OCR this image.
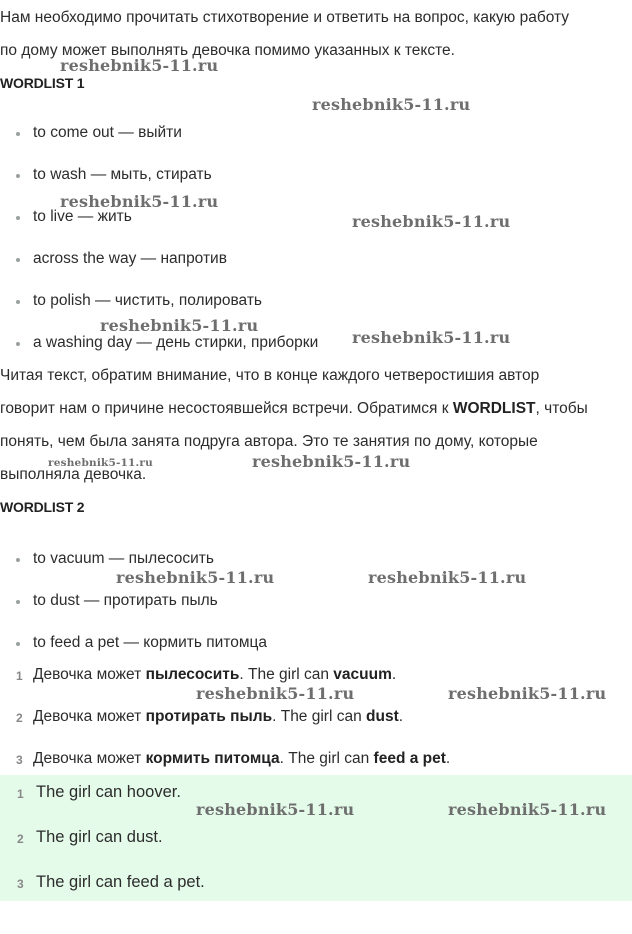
Нам необходимо прочитать стихотворение и ответить на вопрос, какую работу
по дому может выполнять девочка помимо указанных к тексте.
WORDLIST 1
to come out — выйти
to wash — мыть, стирать
to live — жить
across the way — напротив
to polish — чистить, полировать
a washing day — день стирки, приборки
Читая текст, обратим внимание, что в конце каждого четверостишия автор
говорит нам о причине несостоявшейся встречи. Обратимся к WORDLIST, чтобы
понять, чем была занята подруга автора. Это те занятия по дому, которые
выполняла девочка.
WORDLIST 2
to vacuum — пылесосить
to dust — протирать пыль
to feed a pet — кормить питомца
1 Девочка может пылесосить. The girl can vacuum.
2 Девочка может протирать пыль. The girl can dust.
3 Девочка может кормить питомца. The girl can feed a pet.
1 The girl can hoover.
2 The girl can dust.
3 The girl can feed a pet.
reshebnik5-11.ru
reshebnik5-11.ru
reshebnik5-11.ru
reshebnik5-11.ru
reshebnik5-11.ru
reshebnik5-11.ru
reshebnik5-11.ru	reshebnik5-11.ru
reshebnik5-11.ru	reshebnik5-11.ru
reshebnik5-11.ru	reshebnik5-11.ru
reshebnik5-11.ru	reshebnik5-11.ru
